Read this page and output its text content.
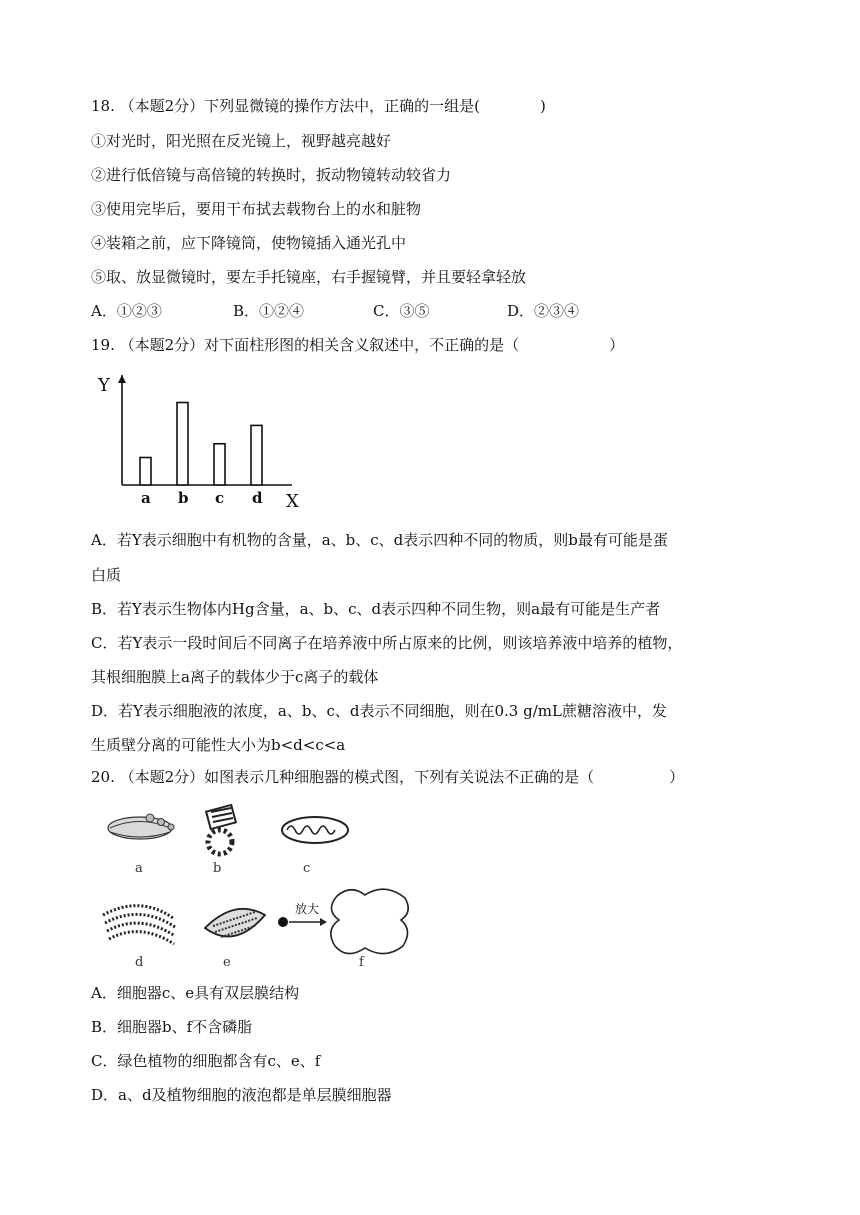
18. （本题2分）下列显微镜的操作方法中，正确的一组是(　　　　)
①对光时，阳光照在反光镜上，视野越亮越好
②进行低倍镜与高倍镜的转换时，扳动物镜转动较省力
③使用完毕后，要用干布拭去载物台上的水和脏物
④装箱之前，应下降镜筒，使物镜插入通光孔中
⑤取、放显微镜时，要左手托镜座，右手握镜臂，并且要轻拿轻放
A．①②③	B．①②④	C．③⑤	D．②③④
19. （本题2分）对下面柱形图的相关含义叙述中，不正确的是（　　　　　　）
Y
X
a b c d
A．若Y表示细胞中有机物的含量，a、b、c、d表示四种不同的物质，则b最有可能是蛋
白质
B．若Y表示生物体内Hg含量，a、b、c、d表示四种不同生物，则a最有可能是生产者
C．若Y表示一段时间后不同离子在培养液中所占原来的比例，则该培养液中培养的植物，
其根细胞膜上a离子的载体少于c离子的载体
D．若Y表示细胞液的浓度，a、b、c、d表示不同细胞，则在0.3 g/mL蔗糖溶液中，发
生质壁分离的可能性大小为b<d<c<a
20. （本题2分）如图表示几种细胞器的模式图，下列有关说法不正确的是（　　　　　）
放大
a	b	c
d	e	f
A．细胞器c、e具有双层膜结构
B．细胞器b、f不含磷脂
C．绿色植物的细胞都含有c、e、f
D．a、d及植物细胞的液泡都是单层膜细胞器
